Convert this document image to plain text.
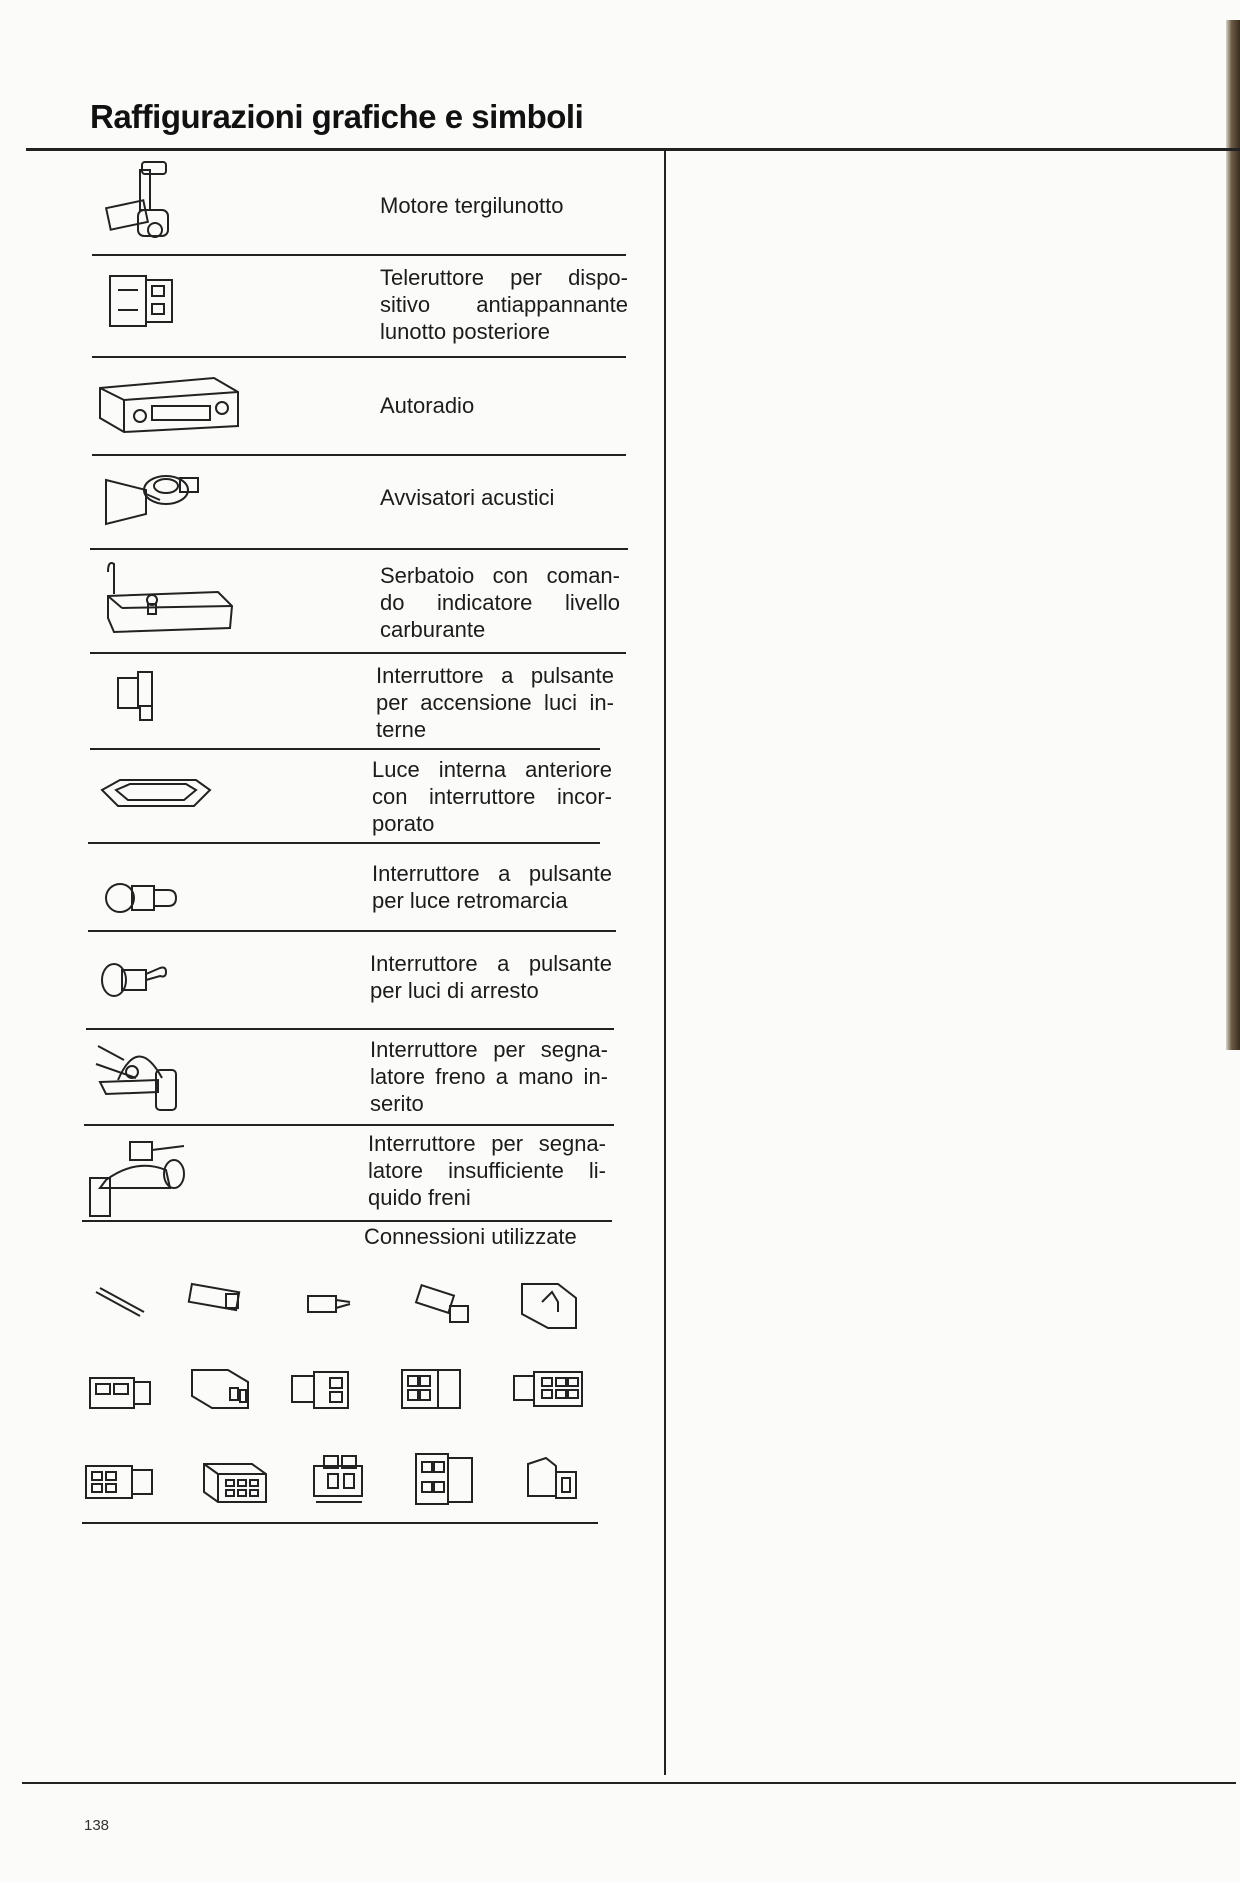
Raffigurazioni grafiche e simboli
Motore tergilunotto
Teleruttore per dispo- sitivo antiappannante lunotto posteriore
Autoradio
Avvisatori acustici
Serbatoio con coman- do indicatore livello carburante
Interruttore a pulsante per accensione luci in- terne
Luce interna anteriore con interruttore incor- porato
Interruttore a pulsante per luce retromarcia
Interruttore a pulsante per luci di arresto
Interruttore per segna- latore freno a mano in- serito
Interruttore per segna- latore insufficiente li- quido freni
Connessioni utilizzate
138
